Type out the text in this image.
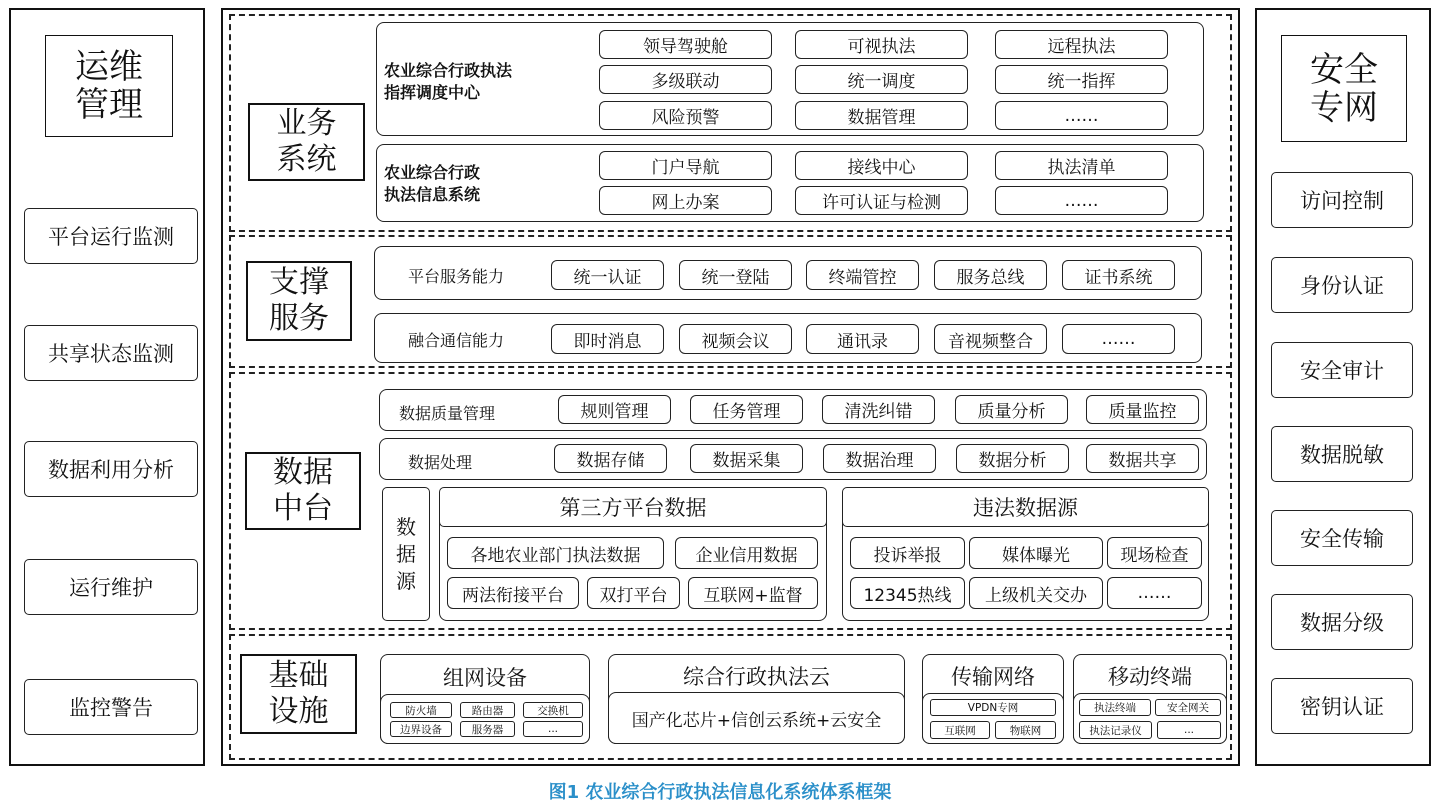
运维
管理
平台运行监测
共享状态监测
数据利用分析
运行维护
监控警告
安全
专网
访问控制
身份认证
安全审计
数据脱敏
安全传输
数据分级
密钥认证
业务
系统
农业综合行政执法
指挥调度中心
农业综合行政
执法信息系统
领导驾驶舱	可视执法	远程执法
多级联动	统一调度	统一指挥
风险预警	数据管理	……
门户导航	接线中心	执法清单
网上办案	许可认证与检测	……
支撑
服务
平台服务能力
融合通信能力
统一认证	统一登陆	终端管控	服务总线	证书系统
即时消息	视频会议	通讯录	音视频整合	……
数据
中台
数据质量管理
数据处理
规则管理	任务管理	清洗纠错	质量分析	质量监控
数据存储	数据采集	数据治理	数据分析	数据共享
数
据
源
第三方平台数据	违法数据源
各地农业部门执法数据	企业信用数据
两法衔接平台	双打平台	互联网+监督
投诉举报	媒体曝光	现场检查
12345热线	上级机关交办	……
基础
设施
组网设备	综合行政执法云
国产化芯片+信创云系统+云安全
传输网络	移动终端
防火墙	路由器	交换机
边界设备	服务器	...
VPDN专网
互联网	物联网
执法终端	安全网关
执法记录仪	...
图1 农业综合行政执法信息化系统体系框架
